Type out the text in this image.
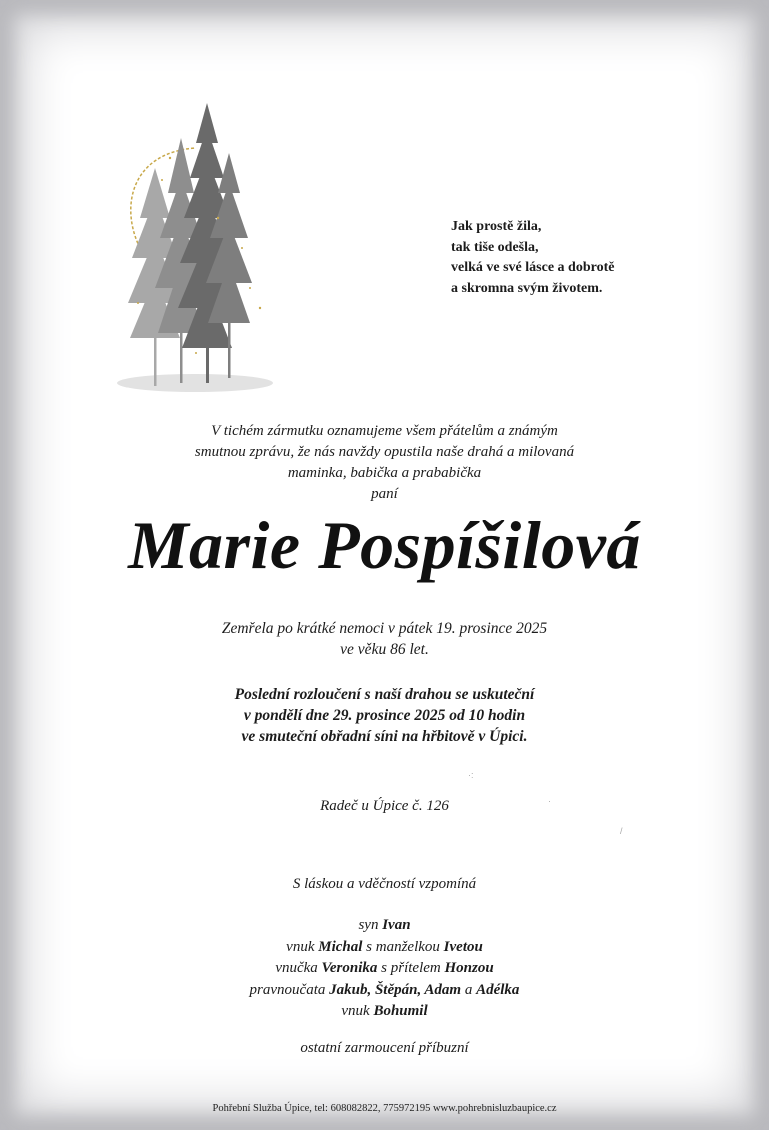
Jak prostě žila,
tak tiše odešla,
velká ve své lásce a dobrotě
a skromna svým životem.
V tichém zármutku oznamujeme všem přátelům a známým
smutnou zprávu, že nás navždy opustila naše drahá a milovaná
maminka, babička a prababička
paní
Marie Pospíšilová
Zemřela po krátké nemoci v pátek 19. prosince 2025
ve věku 86 let.
Poslední rozloučení s naší drahou se uskuteční
v pondělí dne 29. prosince 2025 od 10 hodin
ve smuteční obřadní síni na hřbitově v Úpici.
Radeč u Úpice č. 126
S láskou a vděčností vzpomíná
syn Ivan
vnuk Michal s manželkou Ivetou
vnučka Veronika s přítelem Honzou
pravnoučata Jakub, Štěpán, Adam a Adélka
vnuk Bohumil
ostatní zarmoucení příbuzní
Pohřební Služba Úpice, tel: 608082822, 775972195 www.pohrebnisluzbaupice.cz
·:
·
/
